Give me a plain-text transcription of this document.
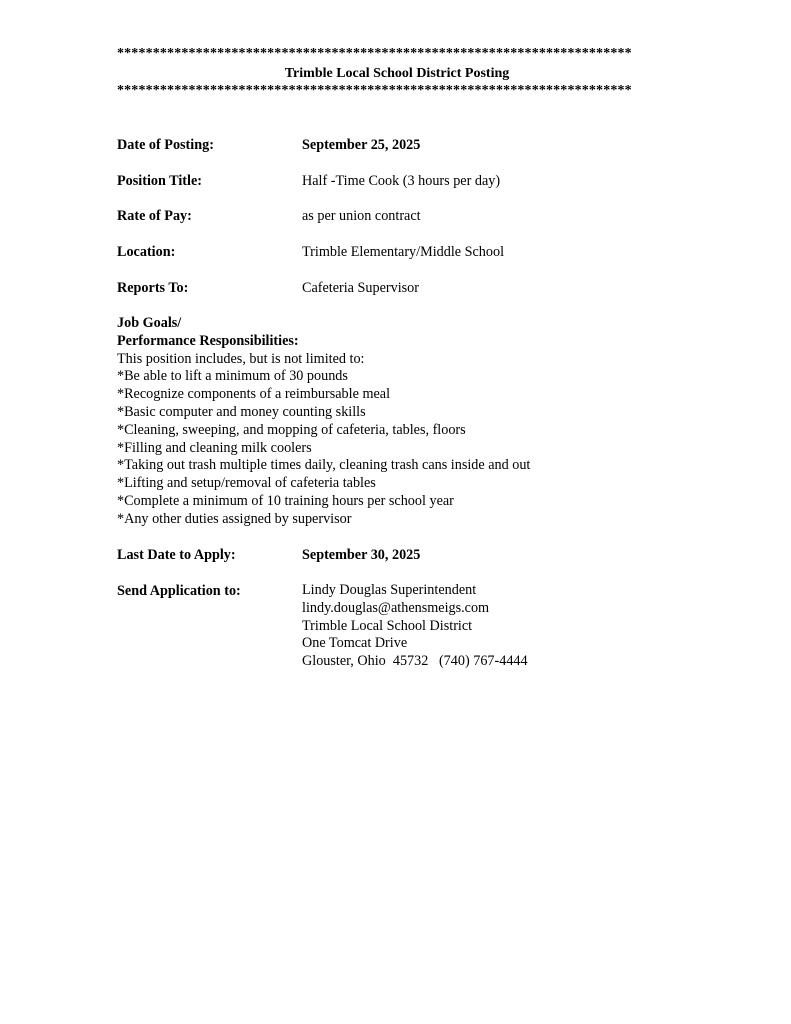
************************************************************************
Trimble Local School District Posting
************************************************************************
Date of Posting:	September 25, 2025
Position Title:	Half -Time Cook (3 hours per day)
Rate of Pay:	as per union contract
Location:	Trimble Elementary/Middle School
Reports To:	Cafeteria Supervisor
Job Goals/
Performance Responsibilities:
This position includes, but is not limited to:
*Be able to lift a minimum of 30 pounds
*Recognize components of a reimbursable meal
*Basic computer and money counting skills
*Cleaning, sweeping, and mopping of cafeteria, tables, floors
*Filling and cleaning milk coolers
*Taking out trash multiple times daily, cleaning trash cans inside and out
*Lifting and setup/removal of cafeteria tables
*Complete a minimum of 10 training hours per school year
*Any other duties assigned by supervisor
Last Date to Apply:	September 30, 2025
Send Application to:	Lindy Douglas Superintendent
lindy.douglas@athensmeigs.com
Trimble Local School District
One Tomcat Drive
Glouster, Ohio  45732   (740) 767-4444
